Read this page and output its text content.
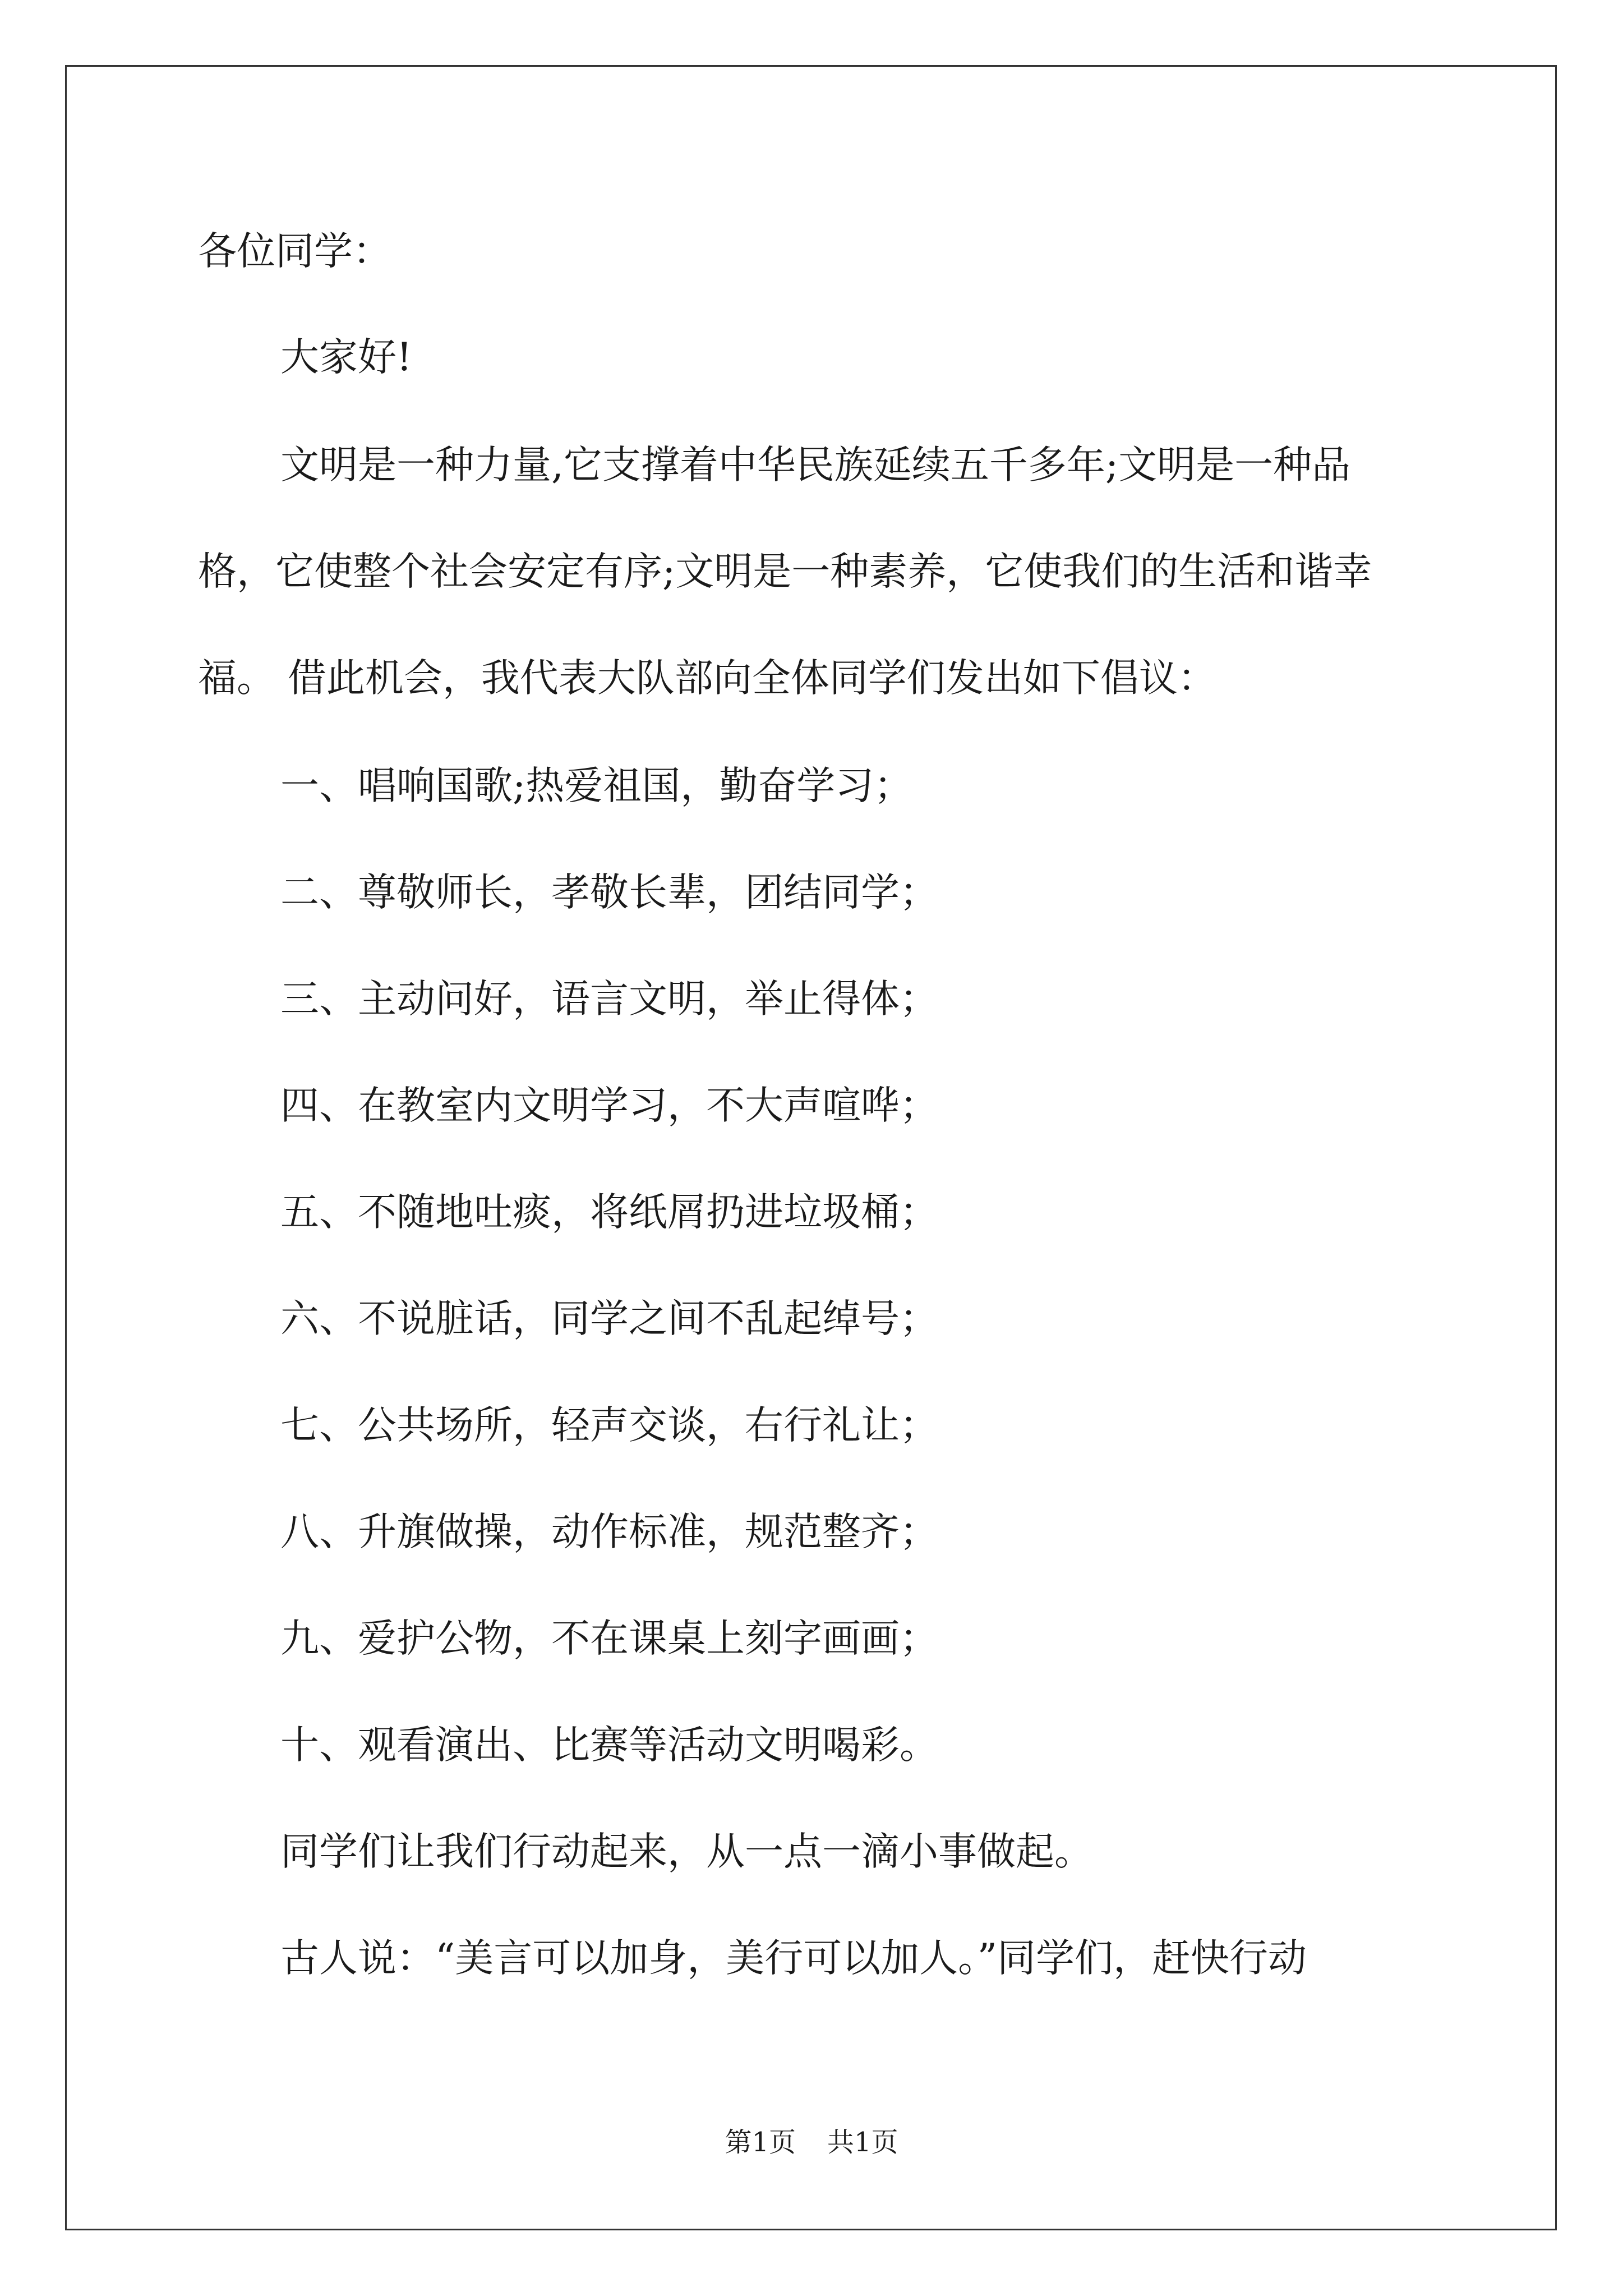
各位同学：
大家好!
文明是一种力量,它支撑着中华民族延续五千多年;文明是一种品
格，它使整个社会安定有序;文明是一种素养，它使我们的生活和谐幸
福。 借此机会，我代表大队部向全体同学们发出如下倡议：
一、唱响国歌;热爱祖国，勤奋学习；
二、尊敬师长，孝敬长辈，团结同学；
三、主动问好，语言文明，举止得体；
四、在教室内文明学习，不大声喧哗；
五、不随地吐痰，将纸屑扔进垃圾桶；
六、不说脏话，同学之间不乱起绰号；
七、公共场所，轻声交谈，右行礼让；
八、升旗做操，动作标准，规范整齐；
九、爱护公物，不在课桌上刻字画画；
十、观看演出、比赛等活动文明喝彩。
同学们让我们行动起来，从一点一滴小事做起。
古人说：“美言可以加身，美行可以加人。”同学们，赶快行动
第1页 共1页
